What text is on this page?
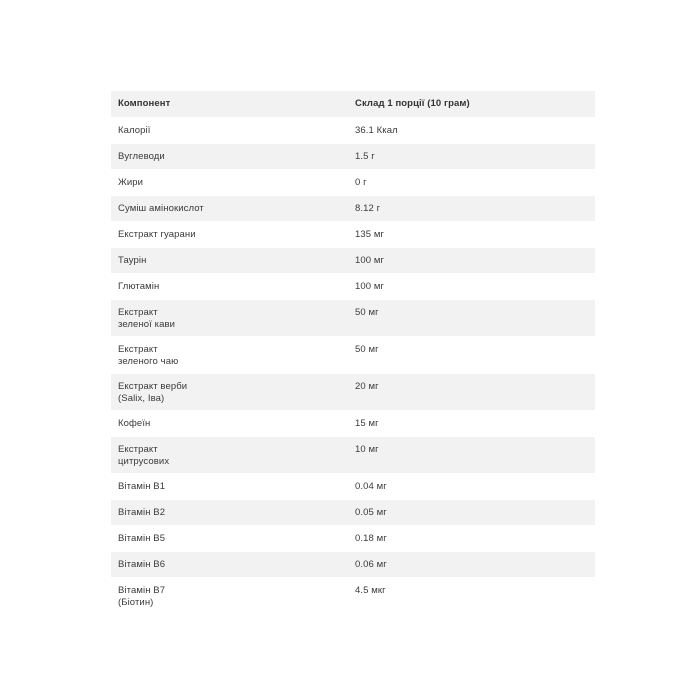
Компонент	Склад 1 порції (10 грам)

Калорії	36.1 Ккал

Вуглеводи	1.5 г

Жири	0 г

Суміш амінокислот	8.12 г

Екстракт гуарани	135 мг

Таурін	100 мг

Глютамін	100 мг

Екстракт
зеленої кави	50 мг

Екстракт
зеленого чаю	50 мг

Екстракт верби
(Salix, Іва)	20 мг

Кофеїн	15 мг

Екстракт
цитрусових	10 мг

Вітамін В1	0.04 мг

Вітамін В2	0.05 мг

Вітамін В5	0.18 мг

Вітамін В6	0.06 мг

Вітамін В7
(Біотин)	4.5 мкг
